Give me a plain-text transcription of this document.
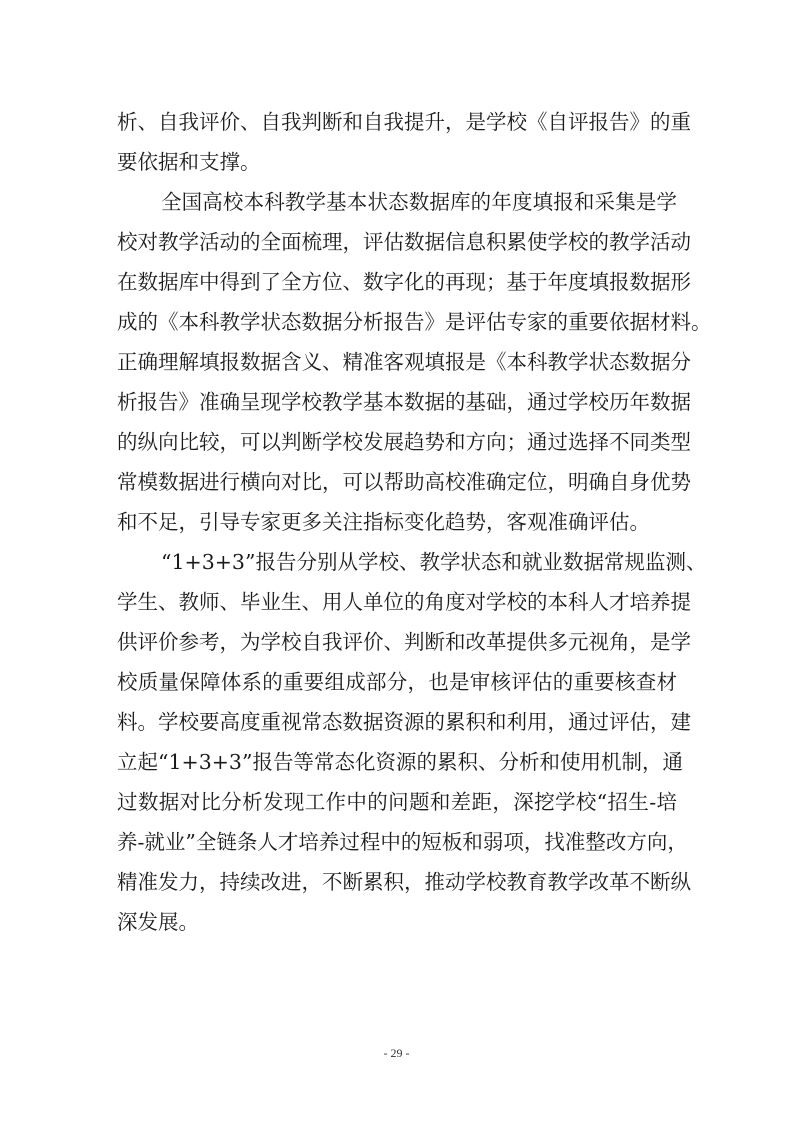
析、自我评价、自我判断和自我提升，是学校《自评报告》的重
要依据和支撑。
全国高校本科教学基本状态数据库的年度填报和采集是学
校对教学活动的全面梳理，评估数据信息积累使学校的教学活动
在数据库中得到了全方位、数字化的再现；基于年度填报数据形
成的《本科教学状态数据分析报告》是评估专家的重要依据材料。
正确理解填报数据含义、精准客观填报是《本科教学状态数据分
析报告》准确呈现学校教学基本数据的基础，通过学校历年数据
的纵向比较，可以判断学校发展趋势和方向；通过选择不同类型
常模数据进行横向对比，可以帮助高校准确定位，明确自身优势
和不足，引导专家更多关注指标变化趋势，客观准确评估。
“1+3+3”报告分别从学校、教学状态和就业数据常规监测、
学生、教师、毕业生、用人单位的角度对学校的本科人才培养提
供评价参考，为学校自我评价、判断和改革提供多元视角，是学
校质量保障体系的重要组成部分，也是审核评估的重要核查材
料。学校要高度重视常态数据资源的累积和利用，通过评估，建
立起“1+3+3”报告等常态化资源的累积、分析和使用机制，通
过数据对比分析发现工作中的问题和差距，深挖学校“招生-培
养-就业”全链条人才培养过程中的短板和弱项，找准整改方向，
精准发力，持续改进，不断累积，推动学校教育教学改革不断纵
深发展。
- 29 -
